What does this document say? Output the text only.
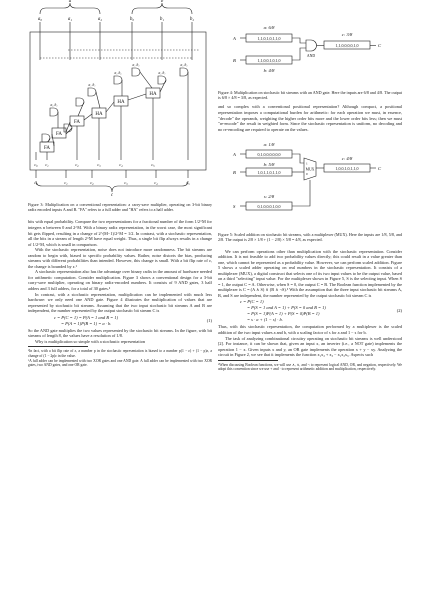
a	b
a₀	a₁	a₂	b₀	b₁	b₂
HA
HA
HA
FA
FA
FA
a₂ b₂
a₁ b₂
a₂ b₁
a₂ b₀
a₁ b₁
a₀ b₂
c₀ c₁	c₂	c₃	c₄	c₅
c₀	c₁	c₂	c₃	c₄	c₅
c

Figure 3: Multiplication on a conventional representation: a carry-save multiplier, operating on 3-bit binary radix encoded inputs A and B. "FA" refers to a full adder and "HA" refers to a half adder.

bits with equal probability. Compare the two representations for a fractional number of the form 1/2^M for integers n between 0 and 2^M. With a binary radix representation, in the worst case, the most significant bit gets flipped, resulting in a change of 2^(M−1)/2^M = 1/2. In contrast, with a stochastic representation, all the bits in a stream of length 2^M have equal weight. Thus, a single bit flip always results in a change of 1/2^M, which is small in comparison.

With the stochastic representation, noise does not introduce more randomness. The bit streams are random to begin with, biased to specific probability values. Rather, noise distorts the bias, producing streams with different probabilities than intended. However, this change is small. With a bit flip rate of ε, the change is bounded by ε.¹

A stochastic representation also has the advantage over binary radix in the amount of hardware needed for arithmetic computation. Consider multiplication. Figure 3 shows a conventional design for a 3-bit carry-save multiplier, operating on binary radix-encoded numbers. It consists of 9 AND gates, 3 half adders and 3 full adders, for a total of 30 gates.²

In contrast, with a stochastic representation, multiplication can be implemented with much less hardware: we only need one AND gate. Figure 4 illustrates the multiplication of values that are represented by stochastic bit streams. Assuming that the two input stochastic bit streams A and B are independent, the number represented by the output stochastic bit stream C is

c = P(C = 1) = P(A = 1 and B = 1)
= P(A = 1)P(B = 1) = a · b.
(1)

So the AND gate multiplies the two values represented by the stochastic bit streams. In the figure, with bit streams of length 8, the values have a resolution of 1/8.

Why is multiplication so simple with a stochastic representation

¹In fact, with a bit flip rate of ε, a number p in the stochastic representation is biased to a number p(1 − ε) + (1 − p)ε, a change of (1 − 2p)ε in the value.

²A full adder can be implemented with two XOR gates and one AND gate. A full adder can be implemented with two XOR gates, two AND gates, and one OR gate.

a: 6/8
1,1,0,1,0,1,1,0
1,1,0,0,1,0,1,0
b: 4/8
c: 3/8
1,1,0,0,0,0,1,0
A
B
C
AND

Figure 4: Multiplication on stochastic bit streams with an AND gate. Here the inputs are 6/8 and 4/8. The output is 6/8 × 4/8 = 3/8, as expected.

and so complex with a conventional positional representation? Although compact, a positional representation imposes a computational burden for arithmetic: for each operation we must, in essence, "decode" the operands, weighting the higher order bits more and the lower order bits less; then we must "re-encode" the result in weighted form. Since the stochastic representation is uniform, no decoding and no re-encoding are required to operate on the values.

a: 1/8
0,1,0,0,0,0,0,0
1,0,1,1,0,1,1,0
b: 5/8
s: 2/8
0,1,0,0,0,1,0,0
c: 4/8
1,0,0,1,0,1,1,0
A
B
S
C
MUX
1
0

Figure 5: Scaled addition on stochastic bit streams, with a multiplexer (MUX). Here the inputs are 1/8, 5/8, and 2/8. The output is 2/8 × 1/8 + (1 − 2/8) × 5/8 = 4/8, as expected.

We can perform operations other than multiplication with the stochastic representation. Consider addition. It is not feasible to add two probability values directly; this could result in a value greater than one, which cannot be represented as a probability value. However, we can perform scaled addition. Figure 5 shows a scaled adder operating on real numbers in the stochastic representation. It consists of a multiplexer (MUX), a digital construct that selects one of its two input values to be the output value, based on a third "selecting" input value. For the multiplexer shown in Figure 5, S is the selecting input. When S = 1, the output C = A. Otherwise, when S = 0, the output C = B. The Boolean function implemented by the multiplexer is C = (A ∧ S) ∨ (B ∧ ¬S).³ With the assumption that the three input stochastic bit streams A, B, and S are independent, the number represented by the output stochastic bit stream C is

c = P(C = 1)
= P(S = 1 and A = 1) + P(S = 0 and B = 1)
= P(S = 1)P(A = 1) + P(S = 0)P(B = 1)
= s · a + (1 − s) · b.
(2)

Thus, with this stochastic representation, the computation performed by a multiplexer is the scaled addition of the two input values a and b, with a scaling factor of s for a and 1 − s for b.

The task of analyzing combinational circuitry operating on stochastic bit streams is well understood [2]. For instance, it can be shown that, given an input x, an inverter (i.e., a NOT gate) implements the operation 1 − x. Given inputs x and y, an OR gate implements the operation x + y − xy. Analyzing the circuit in Figure 2, we see that it implements the function x₁x₂ + x₃ − x₁x₂x₃. Aspects such

³When discussing Boolean functions, we will use ∧, ∨, and ¬ to represent logical AND, OR, and negation, respectively. We adopt this convention since we use + and · to represent arithmetic addition and multiplication, respectively.
